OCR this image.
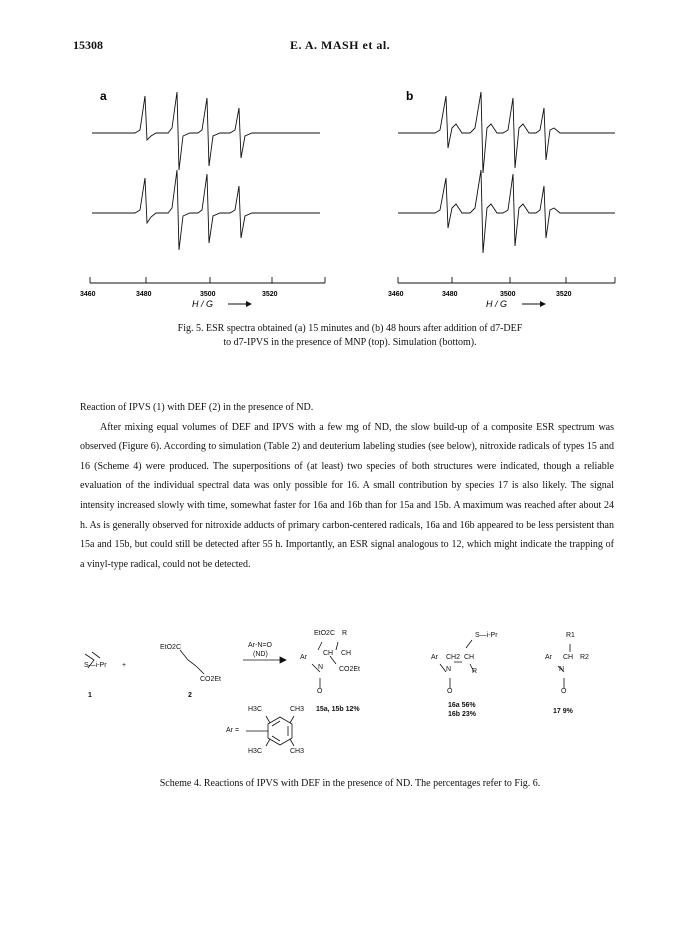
15308	E. A. MASH et al.
a	b
3460	3480	3500	3520
H / G
3460	3480	3500	3520
H / G
Fig. 5. ESR spectra obtained (a) 15 minutes and (b) 48 hours after addition of d7-DEF
to d7-IPVS in the presence of MNP (top). Simulation (bottom).

Reaction of IPVS (1) with DEF (2) in the presence of ND.

After mixing equal volumes of DEF and IPVS with a few mg of ND, the slow build-up of a composite ESR spectrum was observed (Figure 6). According to simulation (Table 2) and deuterium labeling studies (see below), nitroxide radicals of types 15 and 16 (Scheme 4) were produced. The superpositions of (at least) two species of both structures were indicated, though a reliable evaluation of the individual spectral data was only possible for 16. A small contribution by species 17 is also likely. The signal intensity increased slowly with time, somewhat faster for 16a and 16b than for 15a and 15b. A maximum was reached after about 24 h. As is generally observed for nitroxide adducts of primary carbon-centered radicals, 16a and 16b appeared to be less persistent than 15a and 15b, but could still be detected after 55 h. Importantly, an ESR signal analogous to 12, which might indicate the trapping of a vinyl-type radical, could not be detected.

S—i-Pr +
1
EtO2C
CO2Et
2
Ar-N=O
(ND)
EtO2C R
Ar
CH CH
N CO2Et
O
15a, 15b 12%
S—i-Pr
Ar CH2 CH
N	R
O
16a 56%
16b 23%
R1
Ar CH R2
N
O
17 9%
Ar =
H3C	CH3
H3C	CH3
Scheme 4. Reactions of IPVS with DEF in the presence of ND. The percentages refer to Fig. 6.
